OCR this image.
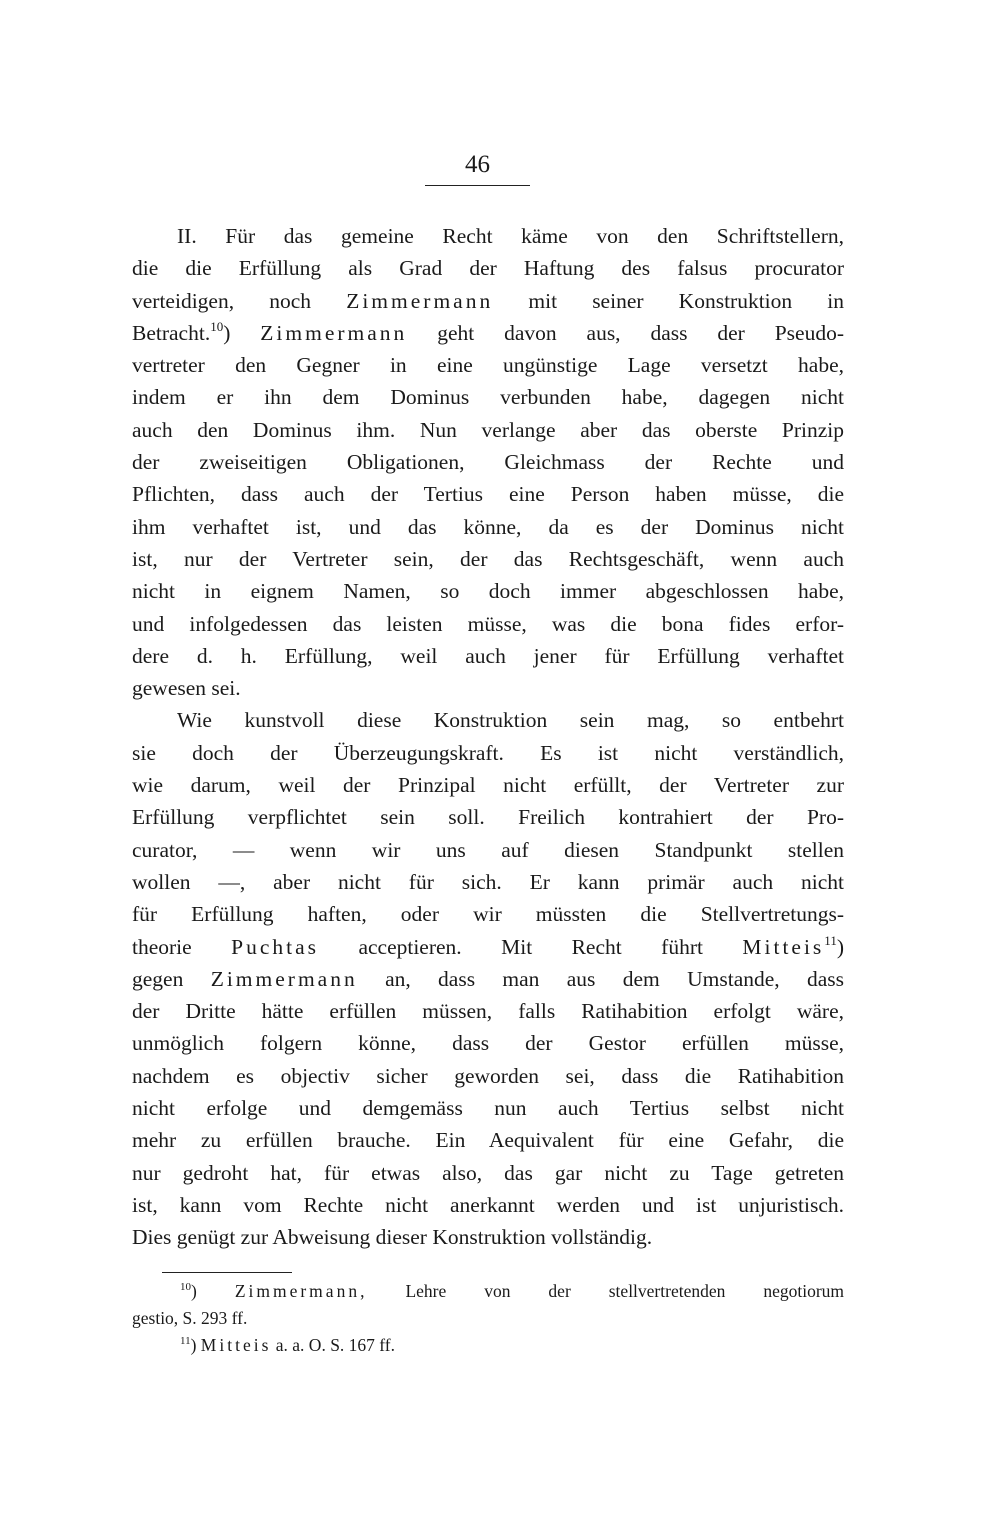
46
II. Für das gemeine Recht käme von den Schriftstellern,
die die Erfüllung als Grad der Haftung des falsus procurator
verteidigen, noch Zimmermann mit seiner Konstruktion in
Betracht.$^{10}$) Zimmermann geht davon aus, dass der Pseudo-
vertreter den Gegner in eine ungünstige Lage versetzt habe,
indem er ihn dem Dominus verbunden habe, dagegen nicht
auch den Dominus ihm. Nun verlange aber das oberste Prinzip
der zweiseitigen Obligationen, Gleichmass der Rechte und
Pflichten, dass auch der Tertius eine Person haben müsse, die
ihm verhaftet ist, und das könne, da es der Dominus nicht
ist, nur der Vertreter sein, der das Rechtsgeschäft, wenn auch
nicht in eignem Namen, so doch immer abgeschlossen habe,
und infolgedessen das leisten müsse, was die bona fides erfor-
dere d. h. Erfüllung, weil auch jener für Erfüllung verhaftet
gewesen sei.
Wie kunstvoll diese Konstruktion sein mag, so entbehrt
sie doch der Überzeugungskraft. Es ist nicht verständlich,
wie darum, weil der Prinzipal nicht erfüllt, der Vertreter zur
Erfüllung verpflichtet sein soll. Freilich kontrahiert der Pro-
curator, — wenn wir uns auf diesen Standpunkt stellen
wollen —, aber nicht für sich. Er kann primär auch nicht
für Erfüllung haften, oder wir müssten die Stellvertretungs-
theorie Puchtas acceptieren. Mit Recht führt Mitteis$^{11}$)
gegen Zimmermann an, dass man aus dem Umstande, dass
der Dritte hätte erfüllen müssen, falls Ratihabition erfolgt wäre,
unmöglich folgern könne, dass der Gestor erfüllen müsse,
nachdem es objectiv sicher geworden sei, dass die Ratihabition
nicht erfolge und demgemäss nun auch Tertius selbst nicht
mehr zu erfüllen brauche. Ein Aequivalent für eine Gefahr, die
nur gedroht hat, für etwas also, das gar nicht zu Tage getreten
ist, kann vom Rechte nicht anerkannt werden und ist unjuristisch.
Dies genügt zur Abweisung dieser Konstruktion vollständig.
$^{10}$) Zimmermann, Lehre von der stellvertretenden negotiorum
gestio, S. 293 ff.
$^{11}$) Mitteis a. a. O. S. 167 ff.
